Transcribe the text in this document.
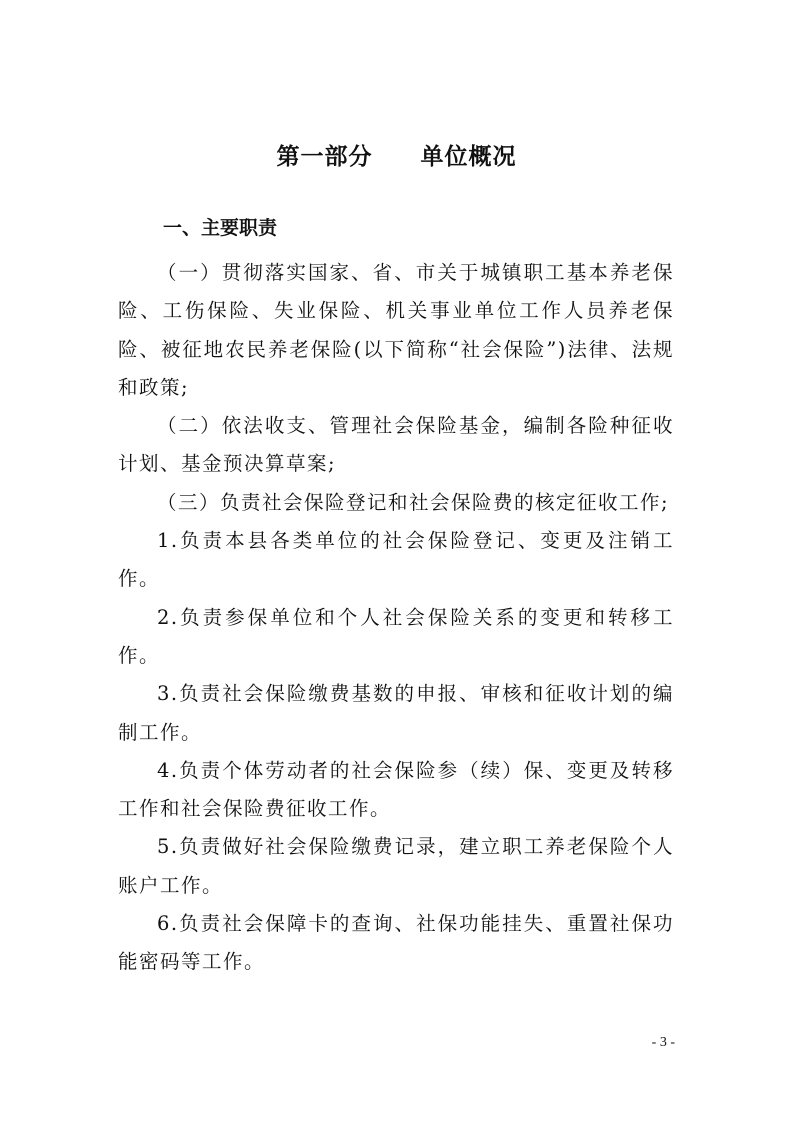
第一部分　　单位概况
一、主要职责

（一）贯彻落实国家、省、市关于城镇职工基本养老保险、工伤保险、失业保险、机关事业单位工作人员养老保险、被征地农民养老保险(以下简称“社会保险”)法律、法规和政策;

（二）依法收支、管理社会保险基金，编制各险种征收计划、基金预决算草案;

（三）负责社会保险登记和社会保险费的核定征收工作;

1.负责本县各类单位的社会保险登记、变更及注销工作。

2.负责参保单位和个人社会保险关系的变更和转移工作。

3.负责社会保险缴费基数的申报、审核和征收计划的编制工作。

4.负责个体劳动者的社会保险参（续）保、变更及转移工作和社会保险费征收工作。

5.负责做好社会保险缴费记录，建立职工养老保险个人账户工作。

6.负责社会保障卡的查询、社保功能挂失、重置社保功能密码等工作。

- 3 -
